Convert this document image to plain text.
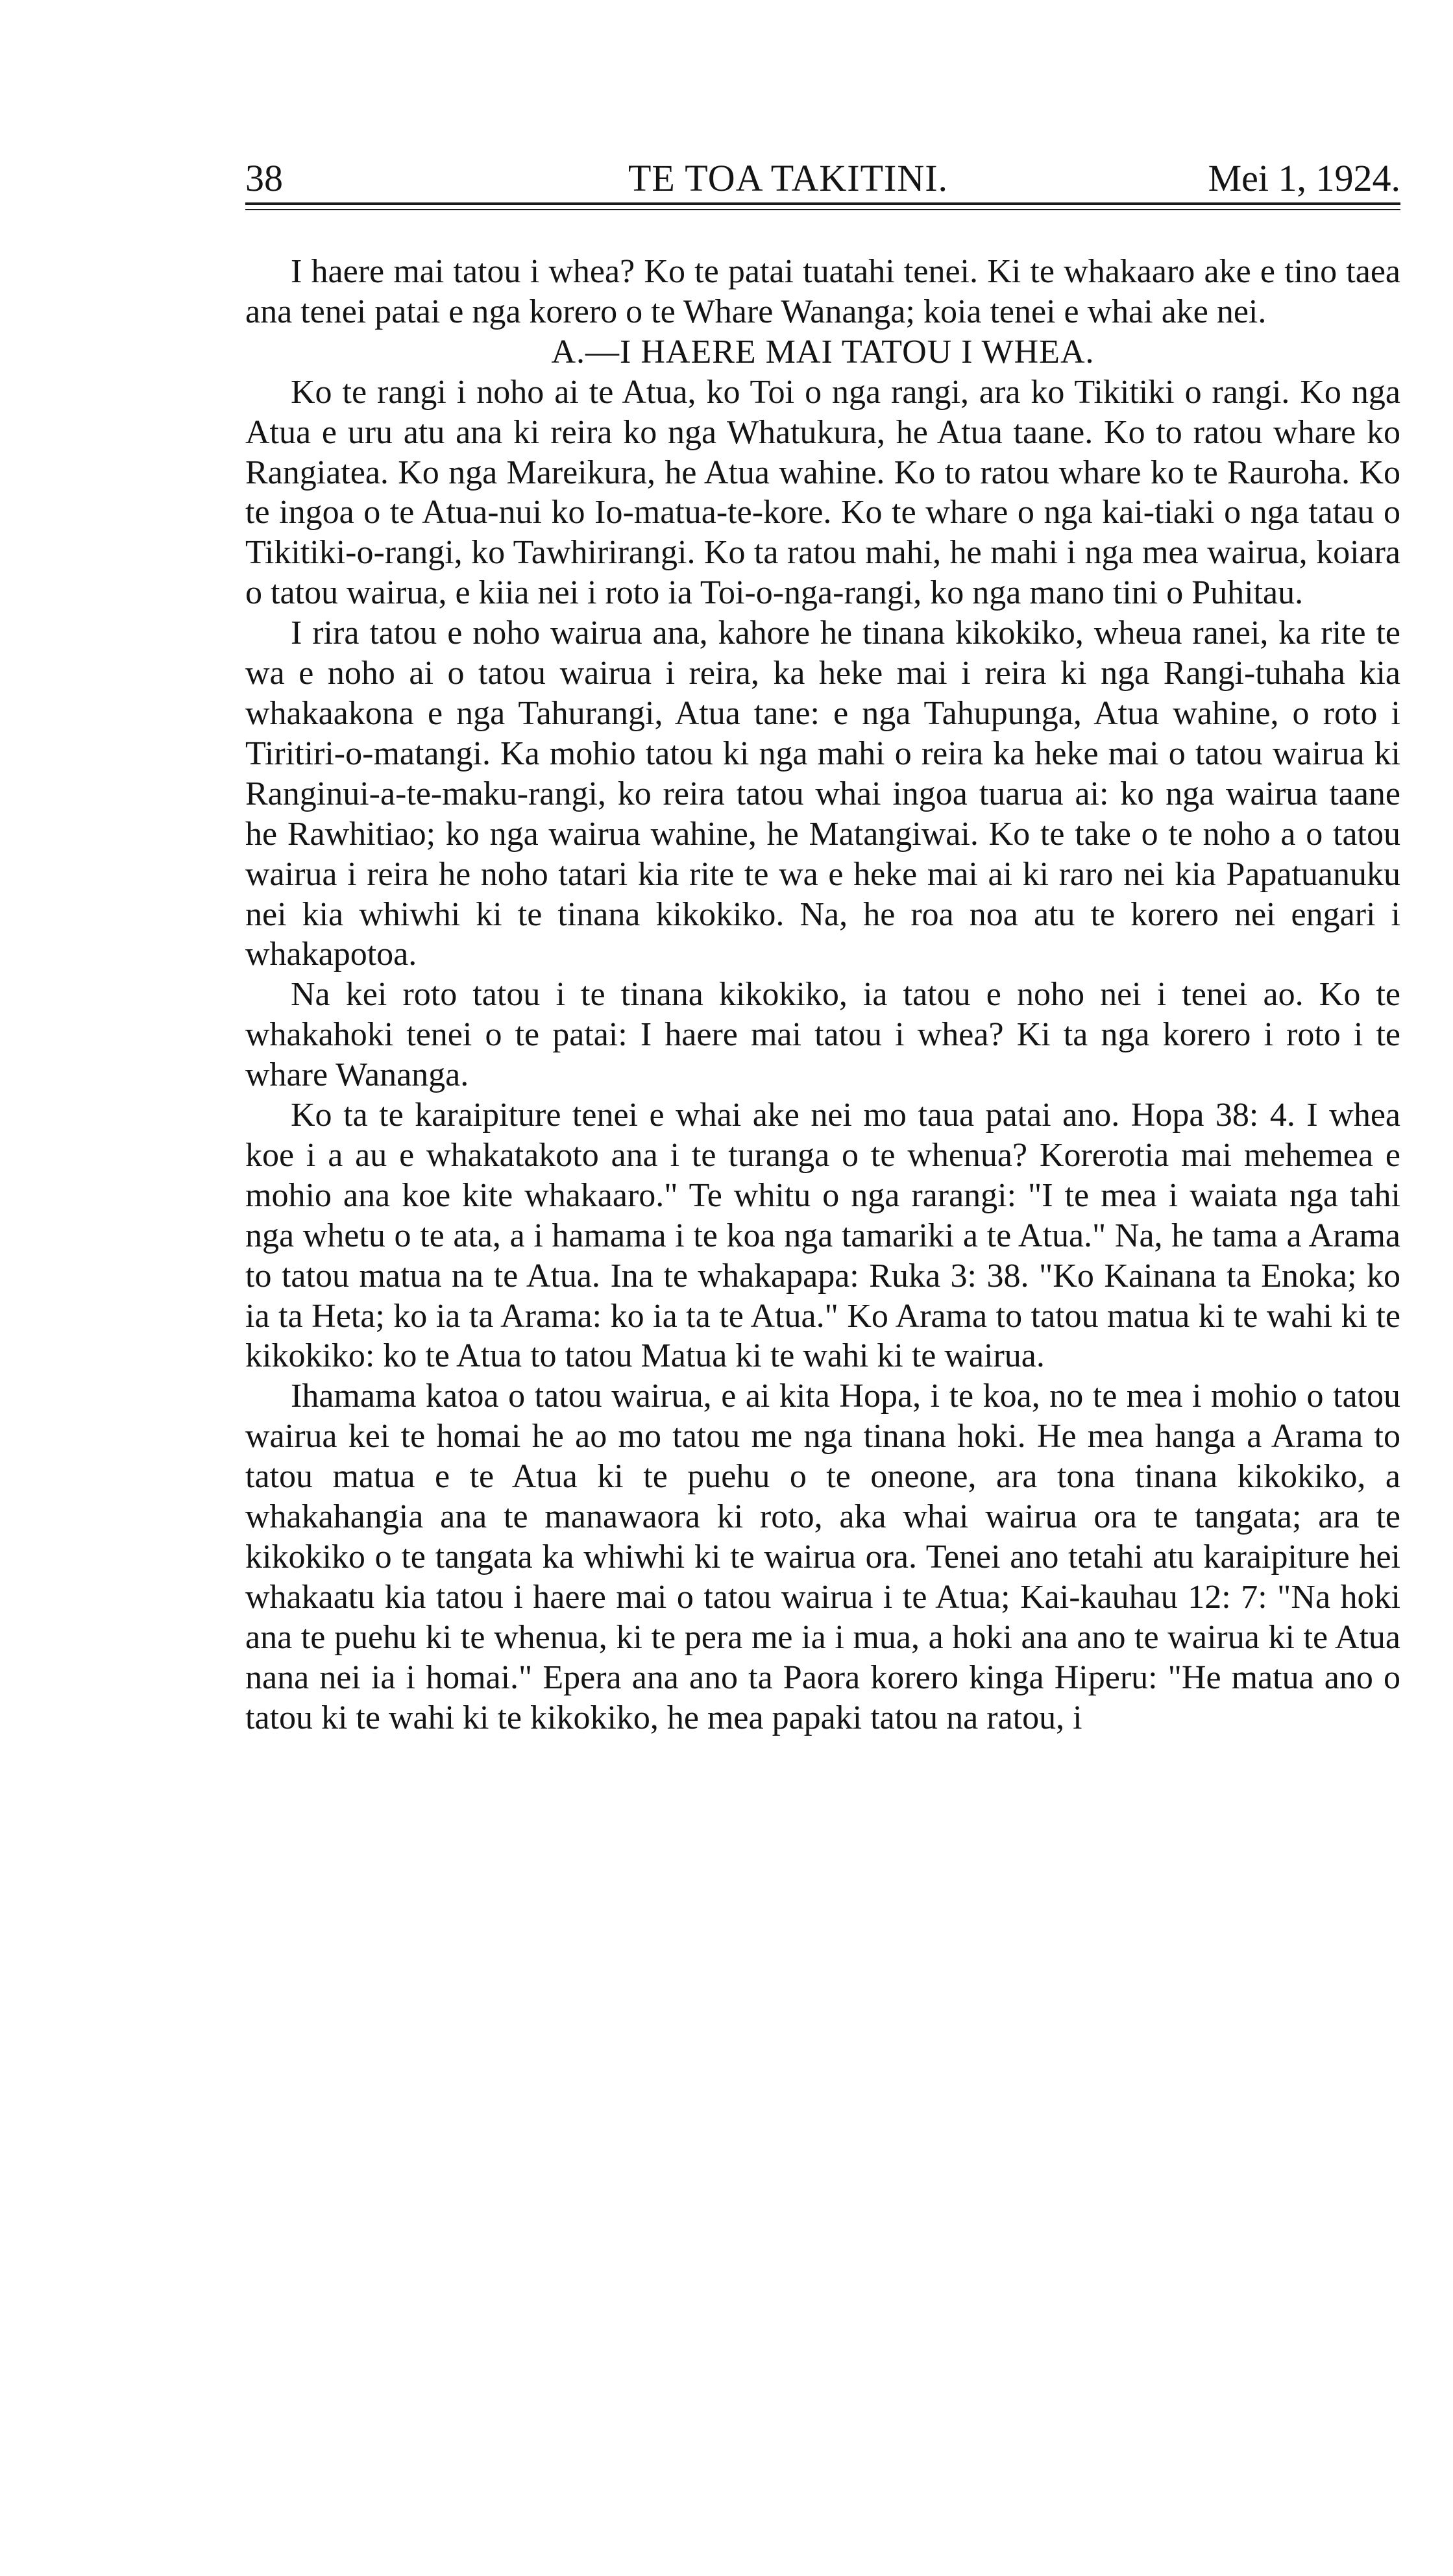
38	TE TOA TAKITINI.	Mei 1, 1924.

I haere mai tatou i whea? Ko te patai tuatahi tenei. Ki te whakaaro ake e tino taea ana tenei patai e nga korero o te Whare Wananga; koia tenei e whai ake nei.

A.—I HAERE MAI TATOU I WHEA.

Ko te rangi i noho ai te Atua, ko Toi o nga rangi, ara ko Tikitiki o rangi. Ko nga Atua e uru atu ana ki reira ko nga Whatukura, he Atua taane. Ko to ratou whare ko Rangiatea. Ko nga Mareikura, he Atua wahine. Ko to ratou whare ko te Rauroha. Ko te ingoa o te Atua-nui ko Io-matua-te-kore. Ko te whare o nga kai-tiaki o nga tatau o Tikitiki-o-rangi, ko Tawhirirangi. Ko ta ratou mahi, he mahi i nga mea wairua, koiara o tatou wairua, e kiia nei i roto ia Toi-o-nga-rangi, ko nga mano tini o Puhitau.

I rira tatou e noho wairua ana, kahore he tinana kikokiko, wheua ranei, ka rite te wa e noho ai o tatou wairua i reira, ka heke mai i reira ki nga Rangi-tuhaha kia whakaakona e nga Tahurangi, Atua tane: e nga Tahupunga, Atua wahine, o roto i Tiritiri-o-matangi. Ka mohio tatou ki nga mahi o reira ka heke mai o tatou wairua ki Ranginui-a-te-maku-rangi, ko reira tatou whai ingoa tuarua ai: ko nga wairua taane he Rawhitiao; ko nga wairua wahine, he Matangiwai. Ko te take o te noho a o tatou wairua i reira he noho tatari kia rite te wa e heke mai ai ki raro nei kia Papatuanuku nei kia whiwhi ki te tinana kikokiko. Na, he roa noa atu te korero nei engari i whakapotoa.

Na kei roto tatou i te tinana kikokiko, ia tatou e noho nei i tenei ao. Ko te whakahoki tenei o te patai: I haere mai tatou i whea? Ki ta nga korero i roto i te whare Wananga.

Ko ta te karaipiture tenei e whai ake nei mo taua patai ano. Hopa 38: 4. I whea koe i a au e whakatakoto ana i te turanga o te whenua? Korerotia mai mehemea e mohio ana koe kite whakaaro." Te whitu o nga rarangi: "I te mea i waiata nga tahi nga whetu o te ata, a i hamama i te koa nga tamariki a te Atua." Na, he tama a Arama to tatou matua na te Atua. Ina te whakapapa: Ruka 3: 38. "Ko Kainana ta Enoka; ko ia ta Heta; ko ia ta Arama: ko ia ta te Atua." Ko Arama to tatou matua ki te wahi ki te kikokiko: ko te Atua to tatou Matua ki te wahi ki te wairua.

Ihamama katoa o tatou wairua, e ai kita Hopa, i te koa, no te mea i mohio o tatou wairua kei te homai he ao mo tatou me nga tinana hoki. He mea hanga a Arama to tatou matua e te Atua ki te puehu o te oneone, ara tona tinana kikokiko, a whakahangia ana te manawaora ki roto, aka whai wairua ora te tangata; ara te kikokiko o te tangata ka whiwhi ki te wairua ora. Tenei ano tetahi atu karaipiture hei whakaatu kia tatou i haere mai o tatou wairua i te Atua; Kai-kauhau 12: 7: "Na hoki ana te puehu ki te whenua, ki te pera me ia i mua, a hoki ana ano te wairua ki te Atua nana nei ia i homai." Epera ana ano ta Paora korero kinga Hiperu: "He matua ano o tatou ki te wahi ki te kikokiko, he mea papaki tatou na ratou, i
